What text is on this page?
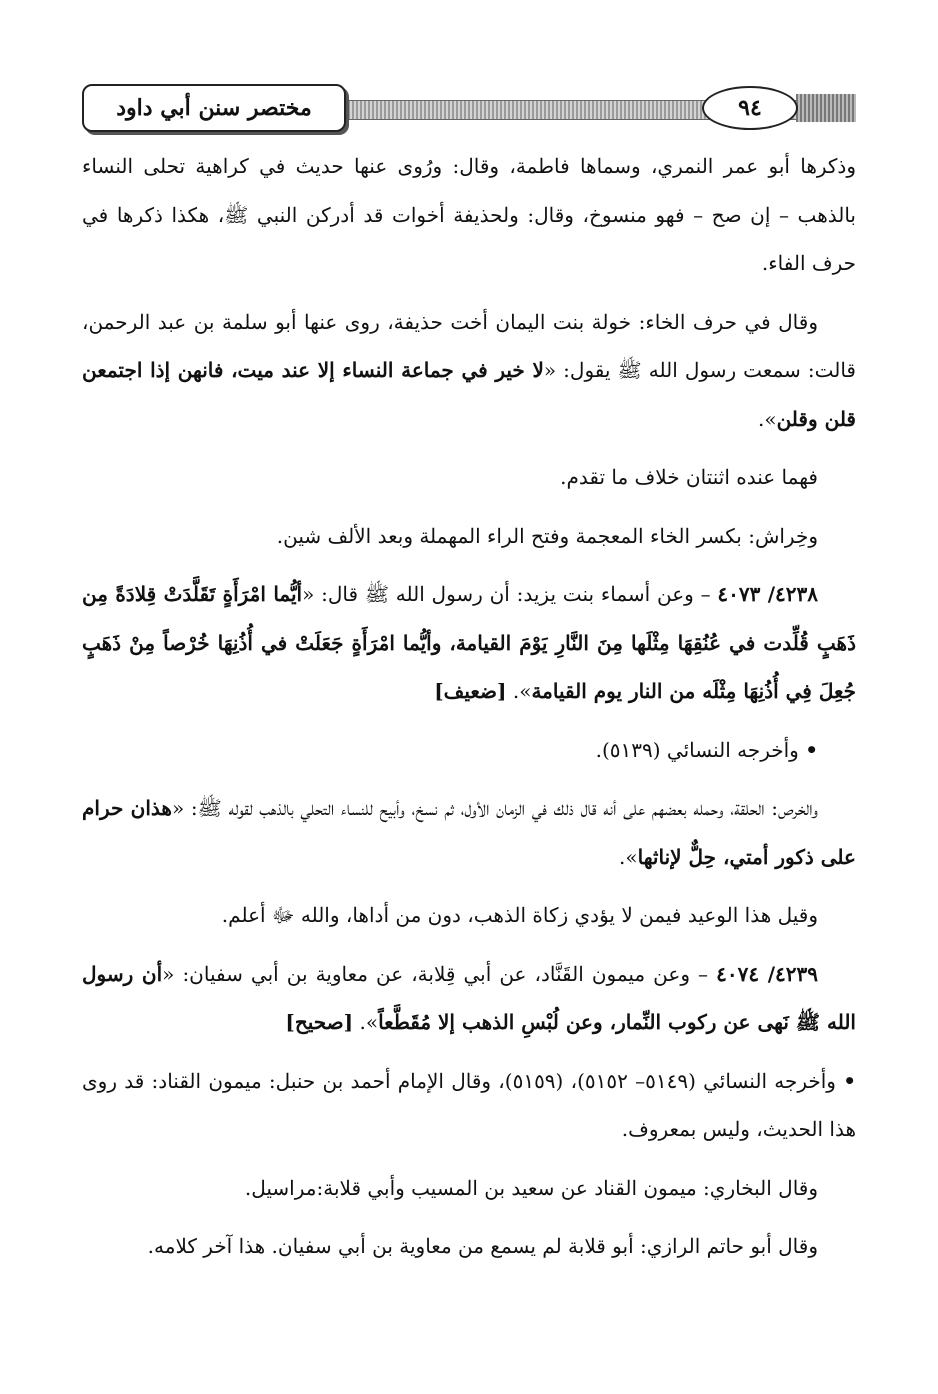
٩٤
مختصر سنن أبي داود

وذكرها أبو عمر النمري، وسماها فاطمة، وقال: ورُوى عنها حديث في كراهية تحلى النساء بالذهب – إن صح – فهو منسوخ، وقال: ولحذيفة أخوات قد أدركن النبي ﷺ، هكذا ذكرها في حرف الفاء.

وقال في حرف الخاء: خولة بنت اليمان أخت حذيفة، روى عنها أبو سلمة بن عبد الرحمن، قالت: سمعت رسول الله ﷺ يقول: «لا خير في جماعة النساء إلا عند ميت، فانهن إذا اجتمعن قلن وقلن».

فهما عنده اثنتان خلاف ما تقدم.

وخِراش: بكسر الخاء المعجمة وفتح الراء المهملة وبعد الألف شين.

٤٢٣٨/ ٤٠٧٣ – وعن أسماء بنت يزيد: أن رسول الله ﷺ قال: «أيُّما امْرَأَةٍ تَقَلَّدَتْ قِلادَةً مِن ذَهَبٍ قُلِّدت في عُنُقِهَا مِثْلَها مِنَ النَّارِ يَوْمَ القيامة، وأيُّما امْرَأَةٍ جَعَلَتْ في أُذُنِهَا خُرْصاً مِنْ ذَهَبٍ جُعِلَ فِي أُذُنِهَا مِثْلَه من النار يوم القيامة». [ضعيف]

• وأخرجه النسائي (٥١٣٩).

والخرص: الحلقة، وحمله بعضهم على أنه قال ذلك في الزمان الأول، ثم نسخ، وأبيح للنساء التحلي بالذهب لقوله ﷺ: «هذان حرام على ذكور أمتي، حِلٌّ لإناثها».

وقيل هذا الوعيد فيمن لا يؤدي زكاة الذهب، دون من أداها، والله ﷻ أعلم.

٤٢٣٩/ ٤٠٧٤ – وعن ميمون القَنَّاد، عن أبي قِلابة، عن معاوية بن أبي سفيان: «أن رسول الله ﷺ نَهى عن ركوب النِّمار، وعن لُبْسِ الذهب إلا مُقَطَّعاً». [صحيح]

• وأخرجه النسائي (٥١٤٩– ٥١٥٢)، (٥١٥٩)، وقال الإمام أحمد بن حنبل: ميمون القناد: قد روى هذا الحديث، وليس بمعروف.

وقال البخاري: ميمون القناد عن سعيد بن المسيب وأبي قلابة:مراسيل.

وقال أبو حاتم الرازي: أبو قلابة لم يسمع من معاوية بن أبي سفيان. هذا آخر كلامه.
